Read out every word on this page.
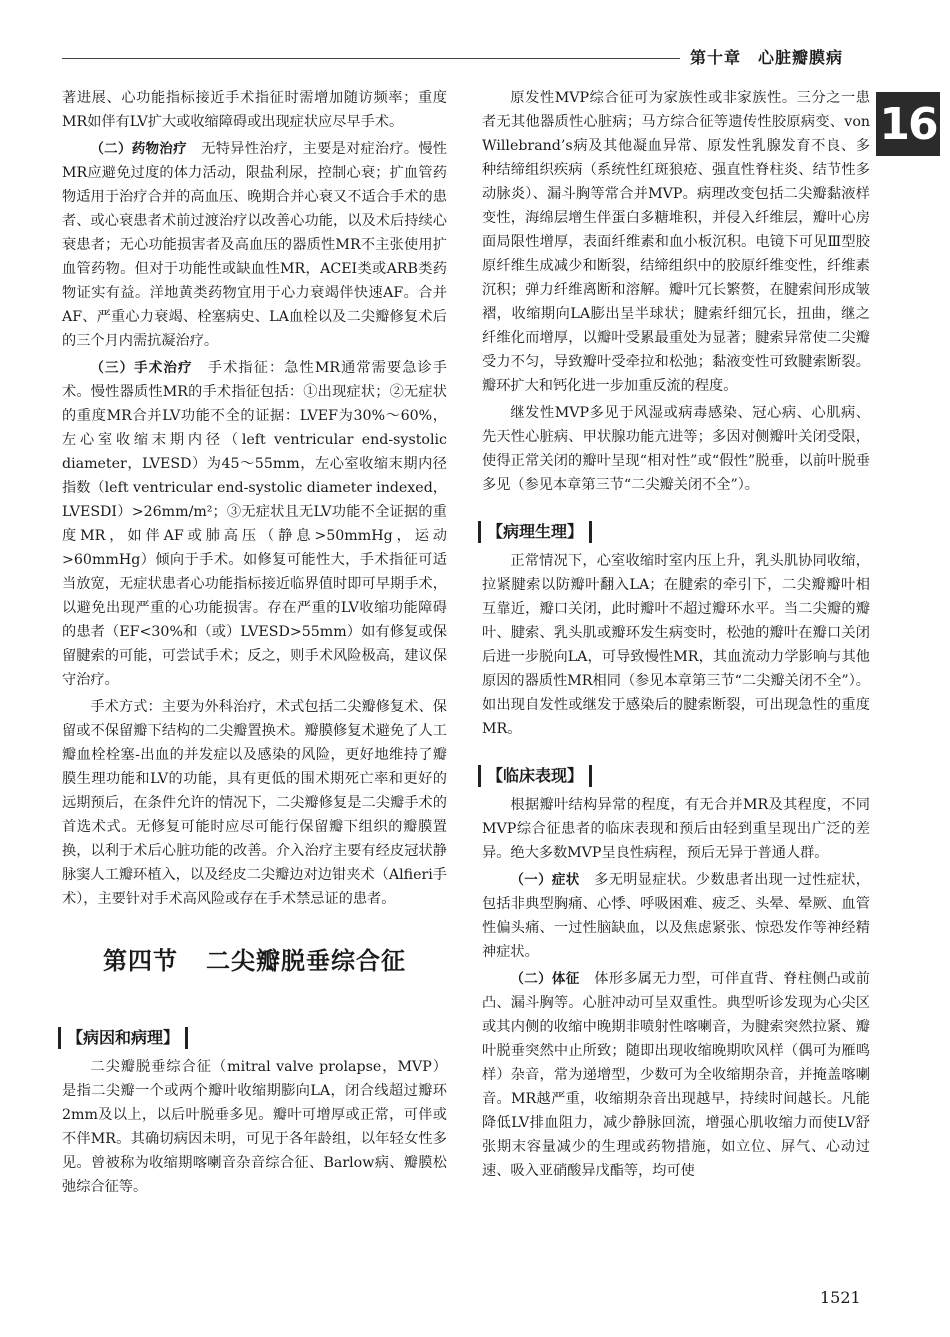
第十章　心脏瓣膜病
16

著进展、心功能指标接近手术指征时需增加随访频率；重度MR如伴有LV扩大或收缩障碍或出现症状应尽早手术。

（二）药物治疗　 无特异性治疗，主要是对症治疗。慢性MR应避免过度的体力活动，限盐利尿，控制心衰；扩血管药物适用于治疗合并的高血压、晚期合并心衰又不适合手术的患者、或心衰患者术前过渡治疗以改善心功能，以及术后持续心衰患者；无心功能损害者及高血压的器质性MR不主张使用扩血管药物。但对于功能性或缺血性MR，ACEI类或ARB类药物证实有益。洋地黄类药物宜用于心力衰竭伴快速AF。合并AF、严重心力衰竭、栓塞病史、LA血栓以及二尖瓣修复术后的三个月内需抗凝治疗。

（三）手术治疗　 手术指征：急性MR通常需要急诊手术。慢性器质性MR的手术指征包括：①出现症状；②无症状的重度MR合并LV功能不全的证据：LVEF为30%～60%，左心室收缩末期内径（left ventricular end-systolic diameter，LVESD）为45～55mm，左心室收缩末期内径指数（left ventricular end-systolic diameter indexed，LVESDI）>26mm/m²；③无症状且无LV功能不全证据的重度MR，如伴AF或肺高压（静息>50mmHg，运动>60mmHg）倾向于手术。如修复可能性大，手术指征可适当放宽，无症状患者心功能指标接近临界值时即可早期手术，以避免出现严重的心功能损害。存在严重的LV收缩功能障碍的患者（EF<30%和（或）LVESD>55mm）如有修复或保留腱索的可能，可尝试手术；反之，则手术风险极高，建议保守治疗。

手术方式：主要为外科治疗，术式包括二尖瓣修复术、保留或不保留瓣下结构的二尖瓣置换术。瓣膜修复术避免了人工瓣血栓栓塞-出血的并发症以及感染的风险，更好地维持了瓣膜生理功能和LV的功能，具有更低的围术期死亡率和更好的远期预后，在条件允许的情况下，二尖瓣修复是二尖瓣手术的首选术式。无修复可能时应尽可能行保留瓣下组织的瓣膜置换，以利于术后心脏功能的改善。介入治疗主要有经皮冠状静脉窦人工瓣环植入，以及经皮二尖瓣边对边钳夹术（Alfieri手术），主要针对手术高风险或存在手术禁忌证的患者。

第四节 二尖瓣脱垂综合征
【病因和病理】

二尖瓣脱垂综合征（mitral valve prolapse，MVP）是指二尖瓣一个或两个瓣叶收缩期膨向LA，闭合线超过瓣环2mm及以上，以后叶脱垂多见。瓣叶可增厚或正常，可伴或不伴MR。其确切病因未明，可见于各年龄组，以年轻女性多见。曾被称为收缩期喀喇音杂音综合征、Barlow病、瓣膜松弛综合征等。

原发性MVP综合征可为家族性或非家族性。三分之一患者无其他器质性心脏病；马方综合征等遗传性胶原病变、von Willebrand’s病及其他凝血异常、原发性乳腺发育不良、多种结缔组织疾病（系统性红斑狼疮、强直性脊柱炎、结节性多动脉炎）、漏斗胸等常合并MVP。病理改变包括二尖瓣黏液样变性，海绵层增生伴蛋白多糖堆积，并侵入纤维层，瓣叶心房面局限性增厚，表面纤维素和血小板沉积。电镜下可见Ⅲ型胶原纤维生成减少和断裂，结缔组织中的胶原纤维变性，纤维素沉积；弹力纤维离断和溶解。瓣叶冗长繁赘，在腱索间形成皱褶，收缩期向LA膨出呈半球状；腱索纤细冗长，扭曲，继之纤维化而增厚，以瓣叶受累最重处为显著；腱索异常使二尖瓣受力不匀，导致瓣叶受牵拉和松弛；黏液变性可致腱索断裂。瓣环扩大和钙化进一步加重反流的程度。

继发性MVP多见于风湿或病毒感染、冠心病、心肌病、先天性心脏病、甲状腺功能亢进等；多因对侧瓣叶关闭受限，使得正常关闭的瓣叶呈现“相对性”或“假性”脱垂，以前叶脱垂多见（参见本章第三节“二尖瓣关闭不全”）。

【病理生理】

正常情况下，心室收缩时室内压上升，乳头肌协同收缩，拉紧腱索以防瓣叶翻入LA；在腱索的牵引下，二尖瓣瓣叶相互靠近，瓣口关闭，此时瓣叶不超过瓣环水平。当二尖瓣的瓣叶、腱索、乳头肌或瓣环发生病变时，松弛的瓣叶在瓣口关闭后进一步脱向LA，可导致慢性MR，其血流动力学影响与其他原因的器质性MR相同（参见本章第三节“二尖瓣关闭不全”）。如出现自发性或继发于感染后的腱索断裂，可出现急性的重度MR。

【临床表现】

根据瓣叶结构异常的程度，有无合并MR及其程度，不同MVP综合征患者的临床表现和预后由轻到重呈现出广泛的差异。绝大多数MVP呈良性病程，预后无异于普通人群。

（一）症状　 多无明显症状。少数患者出现一过性症状，包括非典型胸痛、心悸、呼吸困难、疲乏、头晕、晕厥、血管性偏头痛、一过性脑缺血，以及焦虑紧张、惊恐发作等神经精神症状。

（二）体征　 体形多属无力型，可伴直背、脊柱侧凸或前凸、漏斗胸等。心脏冲动可呈双重性。典型听诊发现为心尖区或其内侧的收缩中晚期非喷射性喀喇音，为腱索突然拉紧、瓣叶脱垂突然中止所致；随即出现收缩晚期吹风样（偶可为雁鸣样）杂音，常为递增型，少数可为全收缩期杂音，并掩盖喀喇音。MR越严重，收缩期杂音出现越早，持续时间越长。凡能降低LV排血阻力，减少静脉回流，增强心肌收缩力而使LV舒张期末容量减少的生理或药物措施，如立位、屏气、心动过速、吸入亚硝酸异戊酯等，均可使

1521
